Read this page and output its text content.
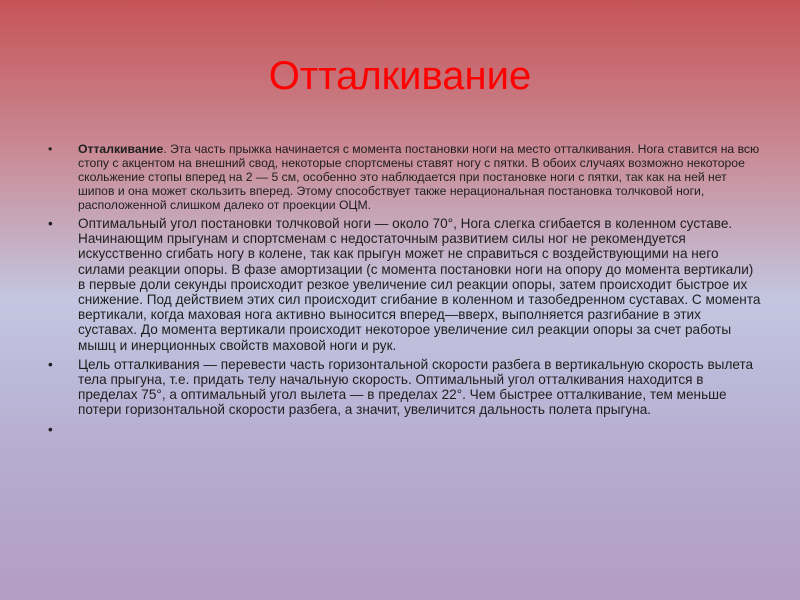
Отталкивание
• Отталкивание. Эта часть прыжка начинается с момента постановки ноги на место отталкивания. Нога ставится на всю стопу с акцентом на внешний свод, некоторые спортсмены ставят ногу с пятки. В обоих случаях возможно некоторое скольжение стопы вперед на 2 — 5 см, особенно это наблюдается при постановке ноги с пятки, так как на ней нет шипов и она может скользить вперед. Этому способствует также нерациональная постановка толчковой ноги, расположенной слишком далеко от проекции ОЦМ.
• Оптимальный угол постановки толчковой ноги — около 70°, Нога слегка сгибается в коленном суставе. Начинающим прыгунам и спортсменам с недостаточным развитием силы ног не рекомендуется искусственно сгибать ногу в колене, так как прыгун может не справиться с воздействующими на него силами реакции опоры. В фазе амортизации (с момента постановки ноги на опору до момента вертикали) в первые доли секунды происходит резкое увеличение сил реакции опоры, затем происходит быстрое их снижение. Под действием этих сил происходит сгибание в коленном и тазобедренном суставах. С момента вертикали, когда маховая нога активно выносится вперед—вверх, выполняется разгибание в этих суставах. До момента вертикали происходит некоторое увеличение сил реакции опоры за счет работы мышц и инерционных свойств маховой ноги и рук.
• Цель отталкивания — перевести часть горизонтальной скорости разбега в вертикальную скорость вылета тела прыгуна, т.е. придать телу начальную скорость. Оптимальный угол отталкивания находится в пределах 75°, а оптимальный угол вылета — в пределах 22°. Чем быстрее отталкивание, тем меньше потери горизонтальной скорости разбега, а значит, увеличится дальность полета прыгуна.
•
